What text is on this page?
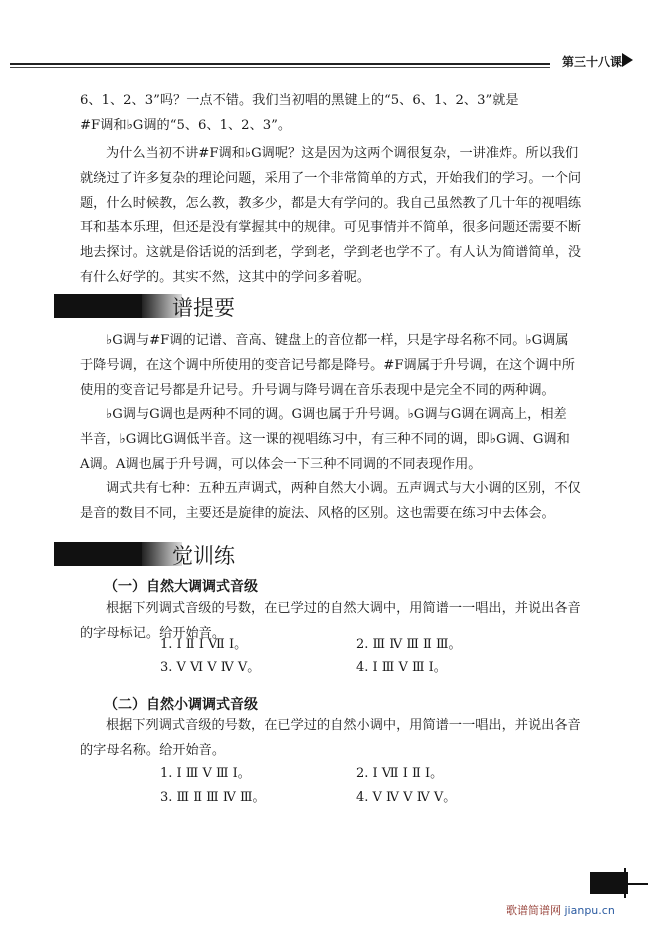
第三十八课

6、1、2、3”吗？一点不错。我们当初唱的黑键上的“5、6、1、2、3”就是
#F调和♭G调的“5、6、1、2、3”。

为什么当初不讲#F调和♭G调呢？这是因为这两个调很复杂，一讲准炸。所以我们
就绕过了许多复杂的理论问题，采用了一个非常简单的方式，开始我们的学习。一个问
题，什么时候教，怎么教，教多少，都是大有学问的。我自己虽然教了几十年的视唱练
耳和基本乐理，但还是没有掌握其中的规律。可见事情并不简单，很多问题还需要不断
地去探讨。这就是俗话说的活到老，学到老，学到老也学不了。有人认为简谱简单，没
有什么好学的。其实不然，这其中的学问多着呢。

谱提要

♭G调与#F调的记谱、音高、键盘上的音位都一样，只是字母名称不同。♭G调属
于降号调，在这个调中所使用的变音记号都是降号。#F调属于升号调，在这个调中所
使用的变音记号都是升记号。升号调与降号调在音乐表现中是完全不同的两种调。

♭G调与G调也是两种不同的调。G调也属于升号调。♭G调与G调在调高上，相差
半音，♭G调比G调低半音。这一课的视唱练习中，有三种不同的调，即♭G调、G调和
A调。A调也属于升号调，可以体会一下三种不同调的不同表现作用。

调式共有七种：五种五声调式，两种自然大小调。五声调式与大小调的区别，不仅
是音的数目不同，主要还是旋律的旋法、风格的区别。这也需要在练习中去体会。

觉训练
（一）自然大调调式音级

根据下列调式音级的号数，在已学过的自然大调中，用简谱一一唱出，并说出各音
的字母标记。给开始音。

1. Ⅰ Ⅱ Ⅰ Ⅶ Ⅰ。	2. Ⅲ Ⅳ Ⅲ Ⅱ Ⅲ。
3. Ⅴ Ⅵ Ⅴ Ⅳ Ⅴ。	4. Ⅰ Ⅲ Ⅴ Ⅲ Ⅰ。
（二）自然小调调式音级

根据下列调式音级的号数，在已学过的自然小调中，用简谱一一唱出，并说出各音
的字母名称。给开始音。

1. Ⅰ Ⅲ Ⅴ Ⅲ Ⅰ。	2. Ⅰ Ⅶ Ⅰ Ⅱ Ⅰ。
3. Ⅲ Ⅱ Ⅲ Ⅳ Ⅲ。	4. Ⅴ Ⅳ Ⅴ Ⅳ Ⅴ。
歌谱简谱网 jianpu.cn
